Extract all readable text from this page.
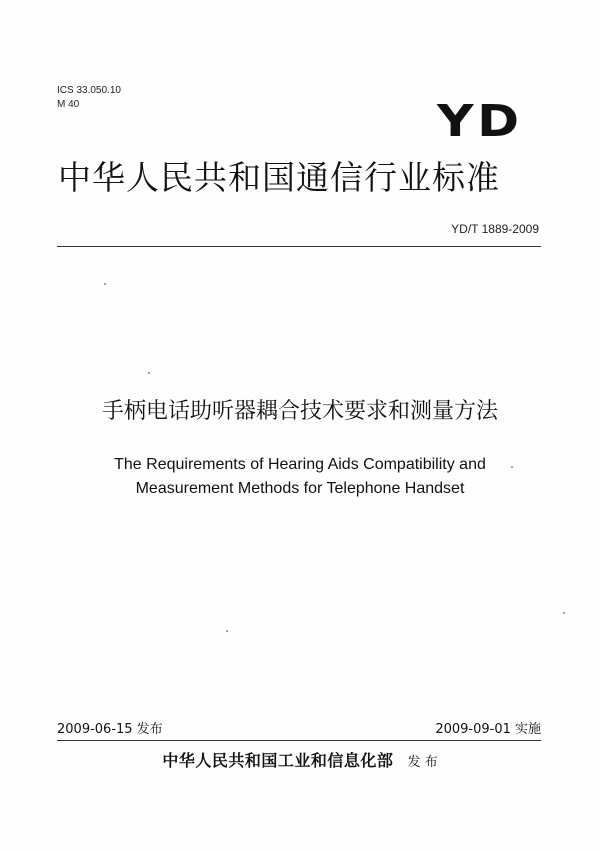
ICS 33.050.10
M 40	YD
中华人民共和国通信行业标准
YD/T 1889-2009
手柄电话助听器耦合技术要求和测量方法
The Requirements of Hearing Aids Compatibility and
Measurement Methods for Telephone Handset
2009-06-15 发布	2009-09-01 实施
中华人民共和国工业和信息化部 发 布
